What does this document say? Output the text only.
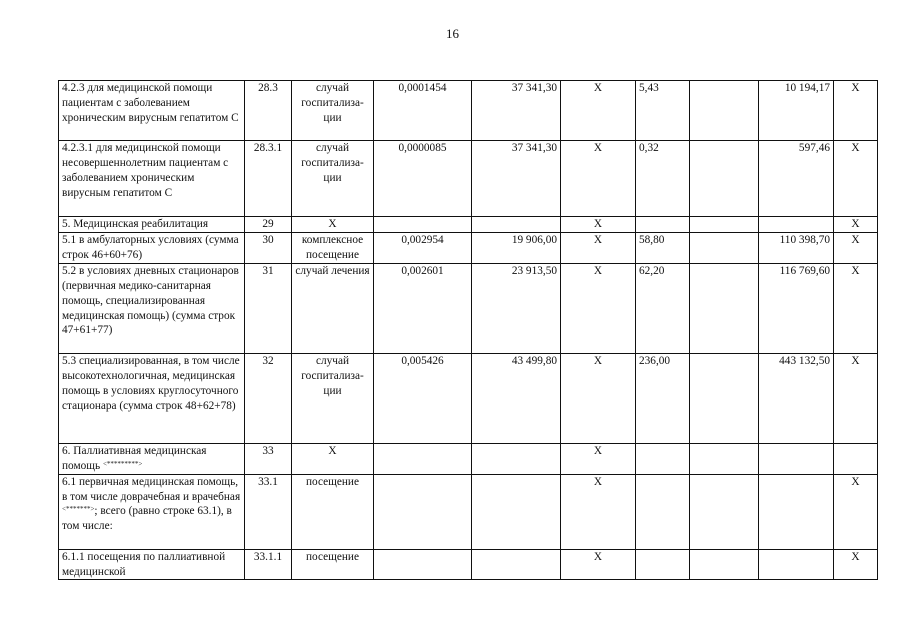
16
4.2.3 для медицинской помощи пациентам с заболеванием хроническим вирусным гепатитом С	28.3	случай госпитализа-ции	0,0001454	37 341,30	Х	5,43		10 194,17	Х
4.2.3.1 для медицинской помощи несовершеннолетним пациентам с заболеванием хроническим вирусным гепатитом С	28.3.1	случай госпитализа-ции	0,0000085	37 341,30	Х	0,32		597,46	Х
5. Медицинская реабилитация	29	Х			Х				Х
5.1 в амбулаторных условиях (сумма строк 46+60+76)	30	комплексное посещение	0,002954	19 906,00	Х	58,80		110 398,70	Х
5.2 в условиях дневных стационаров (первичная медико-санитарная помощь, специализированная медицинская помощь) (сумма строк 47+61+77)	31	случай лечения	0,002601	23 913,50	Х	62,20		116 769,60	Х
5.3 специализированная, в том числе высокотехнологичная, медицинская помощь в условиях круглосуточного стационара (сумма строк 48+62+78)	32	случай госпитализа-ции	0,005426	43 499,80	Х	236,00		443 132,50	Х
6. Паллиативная медицинская помощь <*********>	33	Х			Х				
6.1 первичная медицинская помощь, в том числе доврачебная и врачебная <*******>; всего (равно строке 63.1), в том числе:	33.1	посещение			Х				Х
6.1.1 посещения по паллиативной медицинской	33.1.1	посещение			Х				Х
